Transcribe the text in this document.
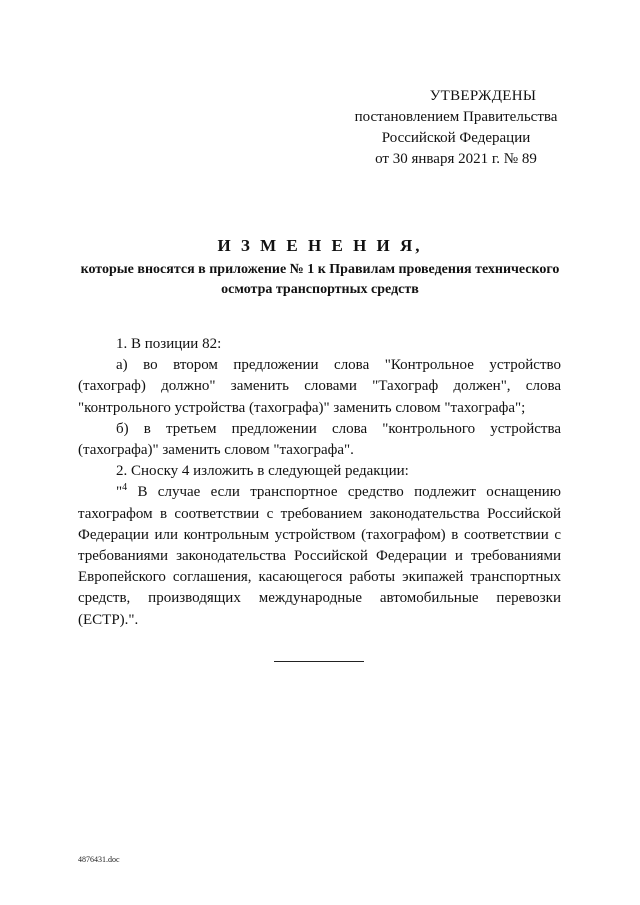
УТВЕРЖДЕНЫ
постановлением Правительства
Российской Федерации
от 30 января 2021 г. № 89
И З М Е Н Е Н И Я,
которые вносятся в приложение № 1 к Правилам проведения технического осмотра транспортных средств

1. В позиции 82:

а) во втором предложении слова "Контрольное устройство (тахограф) должно" заменить словами "Тахограф должен", слова "контрольного устройства (тахографа)" заменить словом "тахографа";

б) в третьем предложении слова "контрольного устройства (тахографа)" заменить словом "тахографа".

2. Сноску 4 изложить в следующей редакции:

"$^4$ В случае если транспортное средство подлежит оснащению тахографом в соответствии с требованием законодательства Российской Федерации или контрольным устройством (тахографом) в соответствии с требованиями законодательства Российской Федерации и требованиями Европейского соглашения, касающегося работы экипажей транспортных средств, производящих международные автомобильные перевозки (ЕСТР).".

4876431.doc
